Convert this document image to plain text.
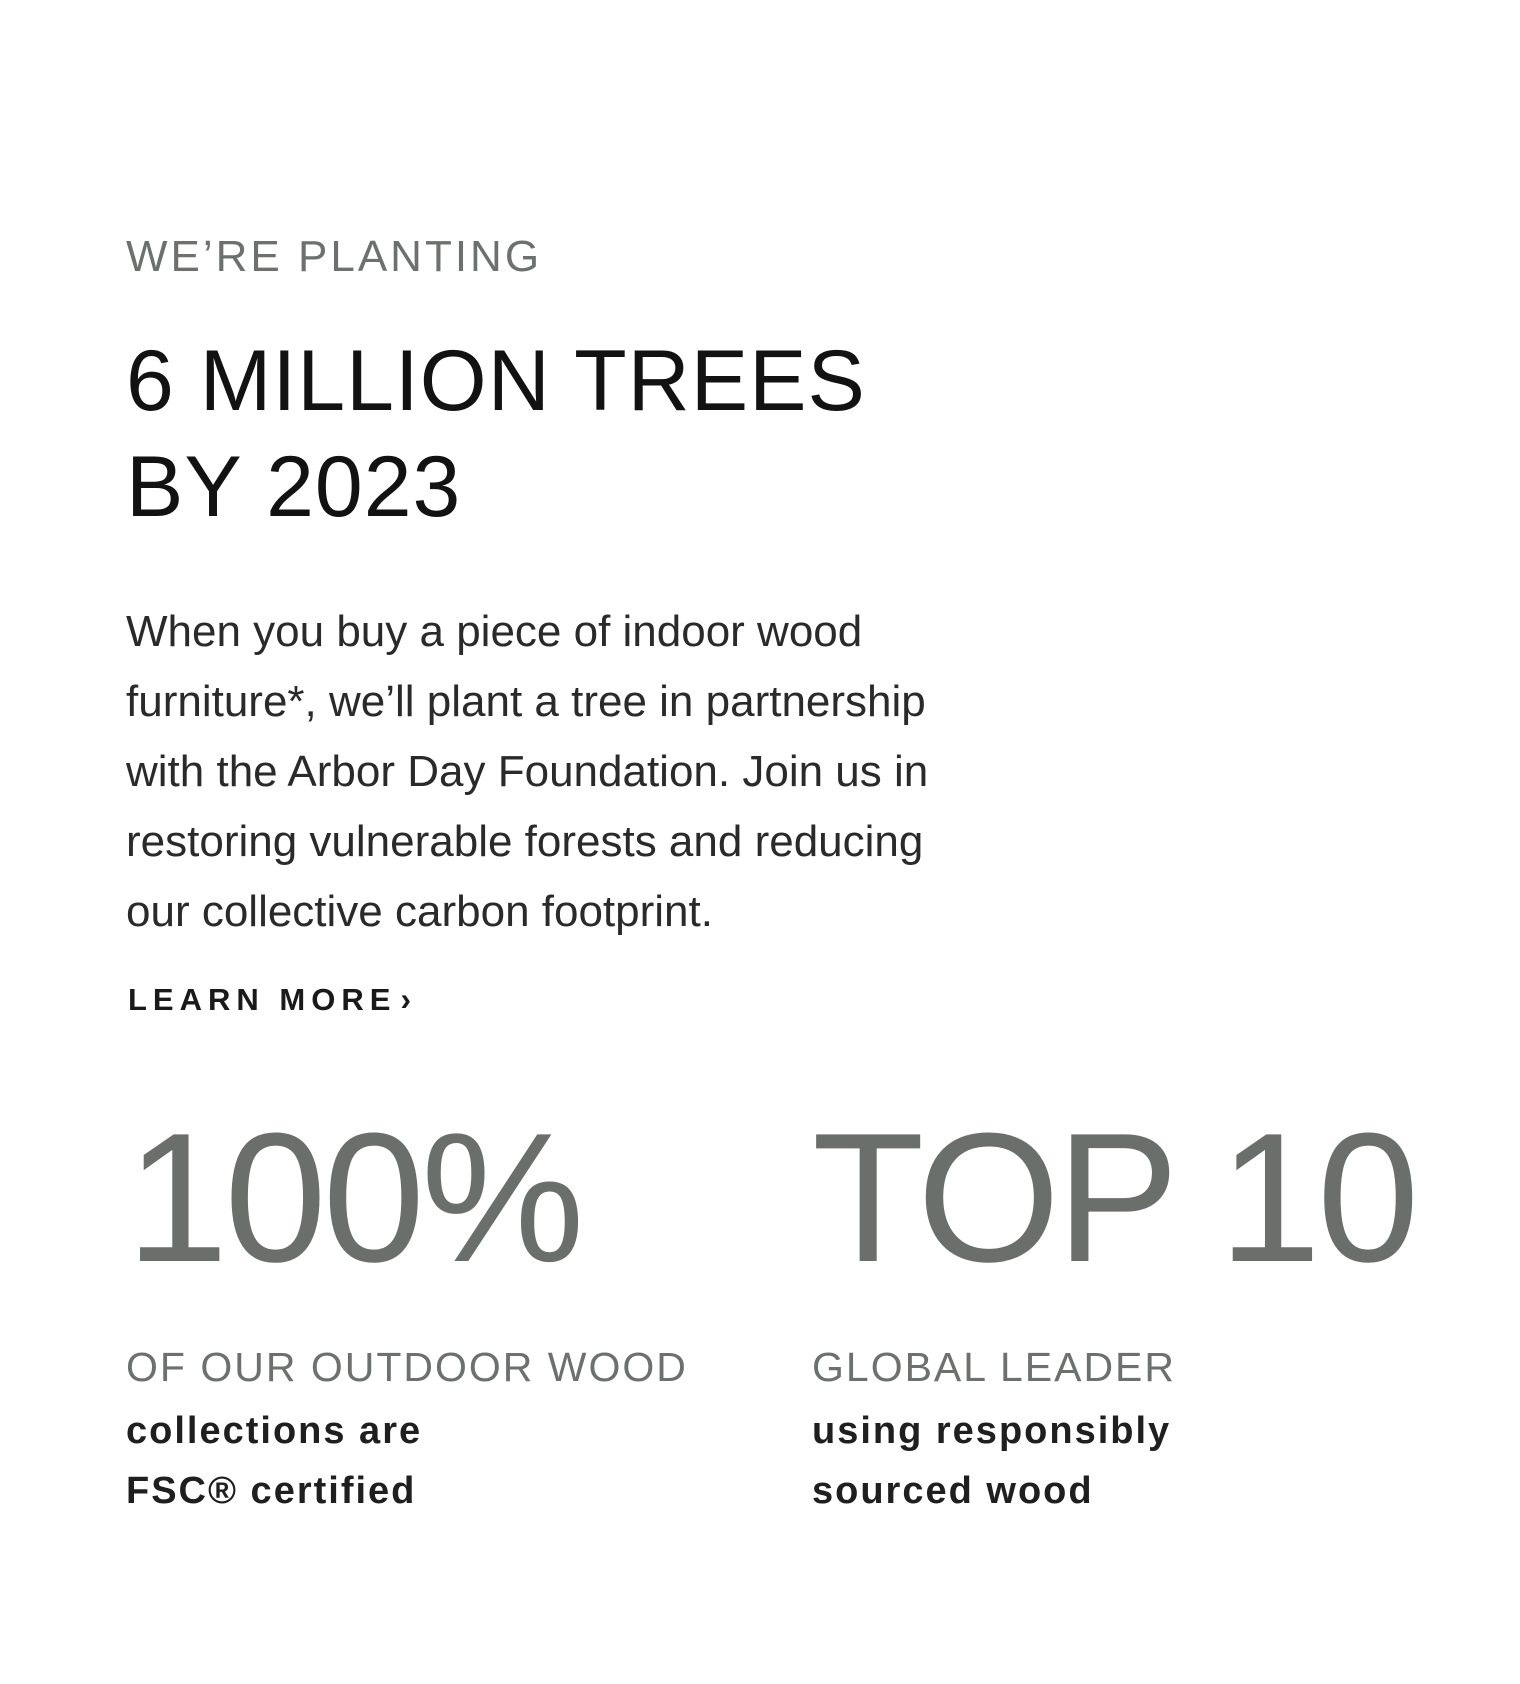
WE’RE PLANTING
6 MILLION TREES
BY 2023

When you buy a piece of indoor wood
furniture*, we’ll plant a tree in partnership
with the Arbor Day Foundation. Join us in
restoring vulnerable forests and reducing
our collective carbon footprint.

LEARN MORE ›
100%
OF OUR OUTDOOR WOOD
collections are
FSC® certified
TOP 10
GLOBAL LEADER
using responsibly
sourced wood
